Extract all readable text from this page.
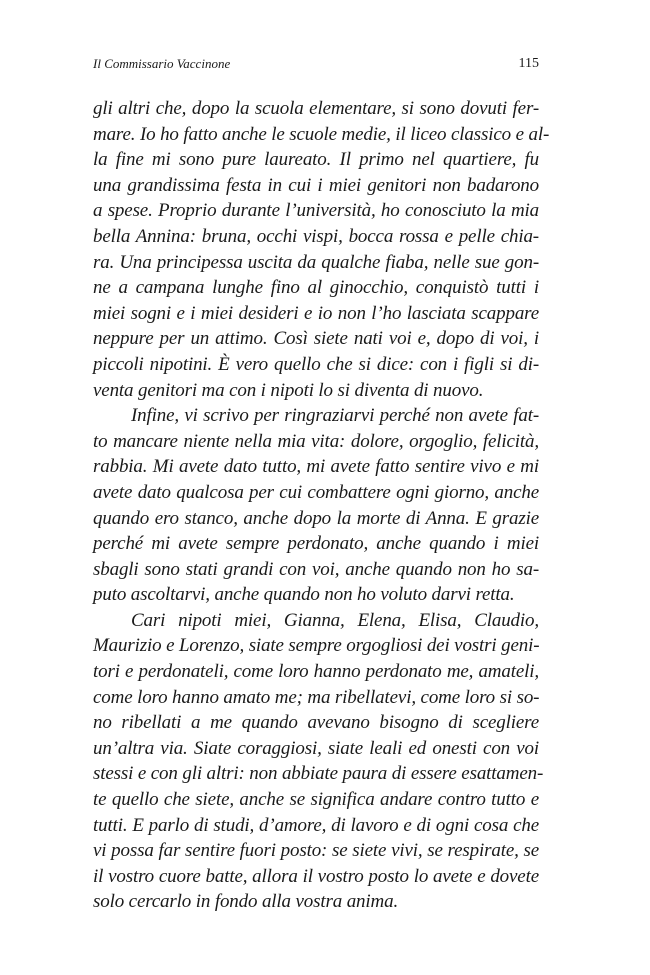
Il Commissario Vaccinone	115
gli altri che, dopo la scuola elementare, si sono dovuti fer-
mare. Io ho fatto anche le scuole medie, il liceo classico e al-
la fine mi sono pure laureato. Il primo nel quartiere, fu
una grandissima festa in cui i miei genitori non badarono
a spese. Proprio durante l’università, ho conosciuto la mia
bella Annina: bruna, occhi vispi, bocca rossa e pelle chia-
ra. Una principessa uscita da qualche fiaba, nelle sue gon-
ne a campana lunghe fino al ginocchio, conquistò tutti i
miei sogni e i miei desideri e io non l’ho lasciata scappare
neppure per un attimo. Così siete nati voi e, dopo di voi, i
piccoli nipotini. È vero quello che si dice: con i figli si di-
venta genitori ma con i nipoti lo si diventa di nuovo.
Infine, vi scrivo per ringraziarvi perché non avete fat-
to mancare niente nella mia vita: dolore, orgoglio, felicità,
rabbia. Mi avete dato tutto, mi avete fatto sentire vivo e mi
avete dato qualcosa per cui combattere ogni giorno, anche
quando ero stanco, anche dopo la morte di Anna. E grazie
perché mi avete sempre perdonato, anche quando i miei
sbagli sono stati grandi con voi, anche quando non ho sa-
puto ascoltarvi, anche quando non ho voluto darvi retta.
Cari nipoti miei, Gianna, Elena, Elisa, Claudio,
Maurizio e Lorenzo, siate sempre orgogliosi dei vostri geni-
tori e perdonateli, come loro hanno perdonato me, amateli,
come loro hanno amato me; ma ribellatevi, come loro si so-
no ribellati a me quando avevano bisogno di scegliere
un’altra via. Siate coraggiosi, siate leali ed onesti con voi
stessi e con gli altri: non abbiate paura di essere esattamen-
te quello che siete, anche se significa andare contro tutto e
tutti. E parlo di studi, d’amore, di lavoro e di ogni cosa che
vi possa far sentire fuori posto: se siete vivi, se respirate, se
il vostro cuore batte, allora il vostro posto lo avete e dovete
solo cercarlo in fondo alla vostra anima.
